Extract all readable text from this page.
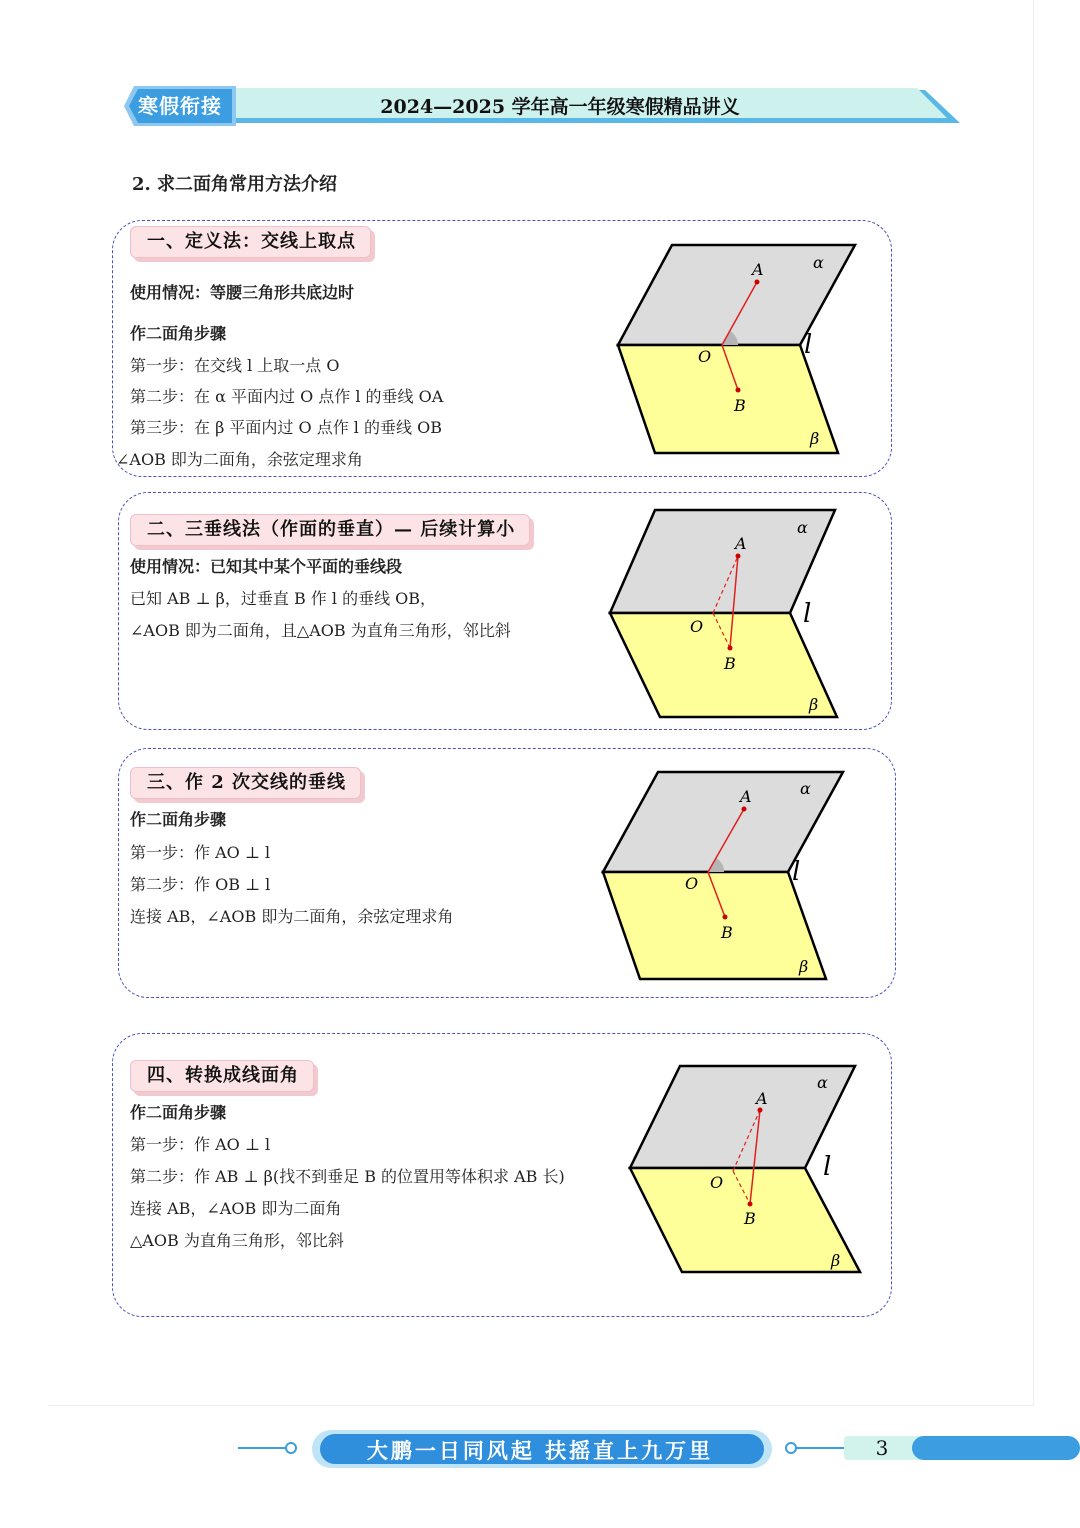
寒假衔接	2024—2025 学年高一年级寒假精品讲义
2. 求二面角常用方法介绍
一、定义法：交线上取点
使用情况：等腰三角形共底边时
作二面角步骤
第一步：在交线 l 上取一点 O
第二步：在 α 平面内过 O 点作 l 的垂线 OA
第三步：在 β 平面内过 O 点作 l 的垂线 OB
∠AOB 即为二面角，余弦定理求角
A
O
B
α
β
l
二、三垂线法（作面的垂直）— 后续计算小
使用情况：已知其中某个平面的垂线段
已知 AB ⊥ β，过垂直 B 作 l 的垂线 OB，
∠AOB 即为二面角，且△AOB 为直角三角形，邻比斜
A
O
B
α
β
l
三、作 2 次交线的垂线
作二面角步骤
第一步：作 AO ⊥ l
第二步：作 OB ⊥ l
连接 AB，∠AOB 即为二面角，余弦定理求角
A
O
B
α
β
l
四、转换成线面角
作二面角步骤
第一步：作 AO ⊥ l
第二步：作 AB ⊥ β(找不到垂足 B 的位置用等体积求 AB 长)
连接 AB，∠AOB 即为二面角
△AOB 为直角三角形，邻比斜
A
O
B
α
β
l
大鹏一日同风起 扶摇直上九万里	3
